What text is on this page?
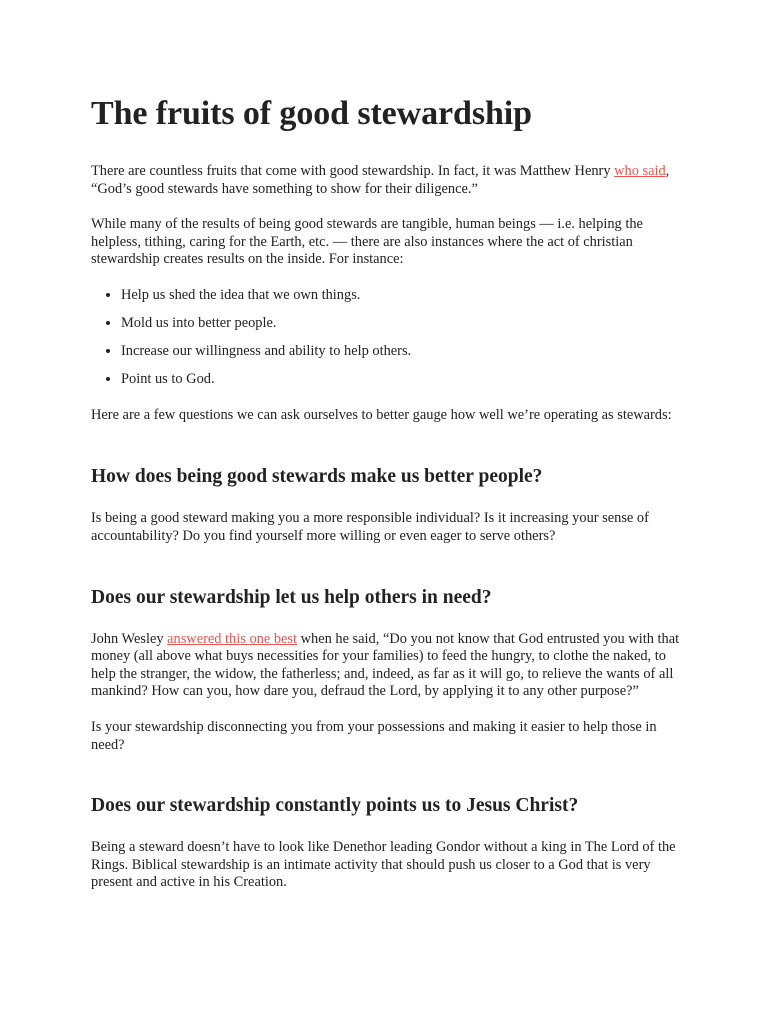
The fruits of good stewardship

There are countless fruits that come with good stewardship. In fact, it was Matthew Henry who said, “God’s good stewards have something to show for their diligence.”

While many of the results of being good stewards are tangible, human beings — i.e. helping the helpless, tithing, caring for the Earth, etc. — there are also instances where the act of christian stewardship creates results on the inside. For instance:

• Help us shed the idea that we own things.
• Mold us into better people.
• Increase our willingness and ability to help others.
• Point us to God.

Here are a few questions we can ask ourselves to better gauge how well we’re operating as stewards:

How does being good stewards make us better people?

Is being a good steward making you a more responsible individual? Is it increasing your sense of accountability? Do you find yourself more willing or even eager to serve others?

Does our stewardship let us help others in need?

John Wesley answered this one best when he said, “Do you not know that God entrusted you with that money (all above what buys necessities for your families) to feed the hungry, to clothe the naked, to help the stranger, the widow, the fatherless; and, indeed, as far as it will go, to relieve the wants of all mankind? How can you, how dare you, defraud the Lord, by applying it to any other purpose?”

Is your stewardship disconnecting you from your possessions and making it easier to help those in need?

Does our stewardship constantly points us to Jesus Christ?

Being a steward doesn’t have to look like Denethor leading Gondor without a king in The Lord of the Rings. Biblical stewardship is an intimate activity that should push us closer to a God that is very present and active in his Creation.
